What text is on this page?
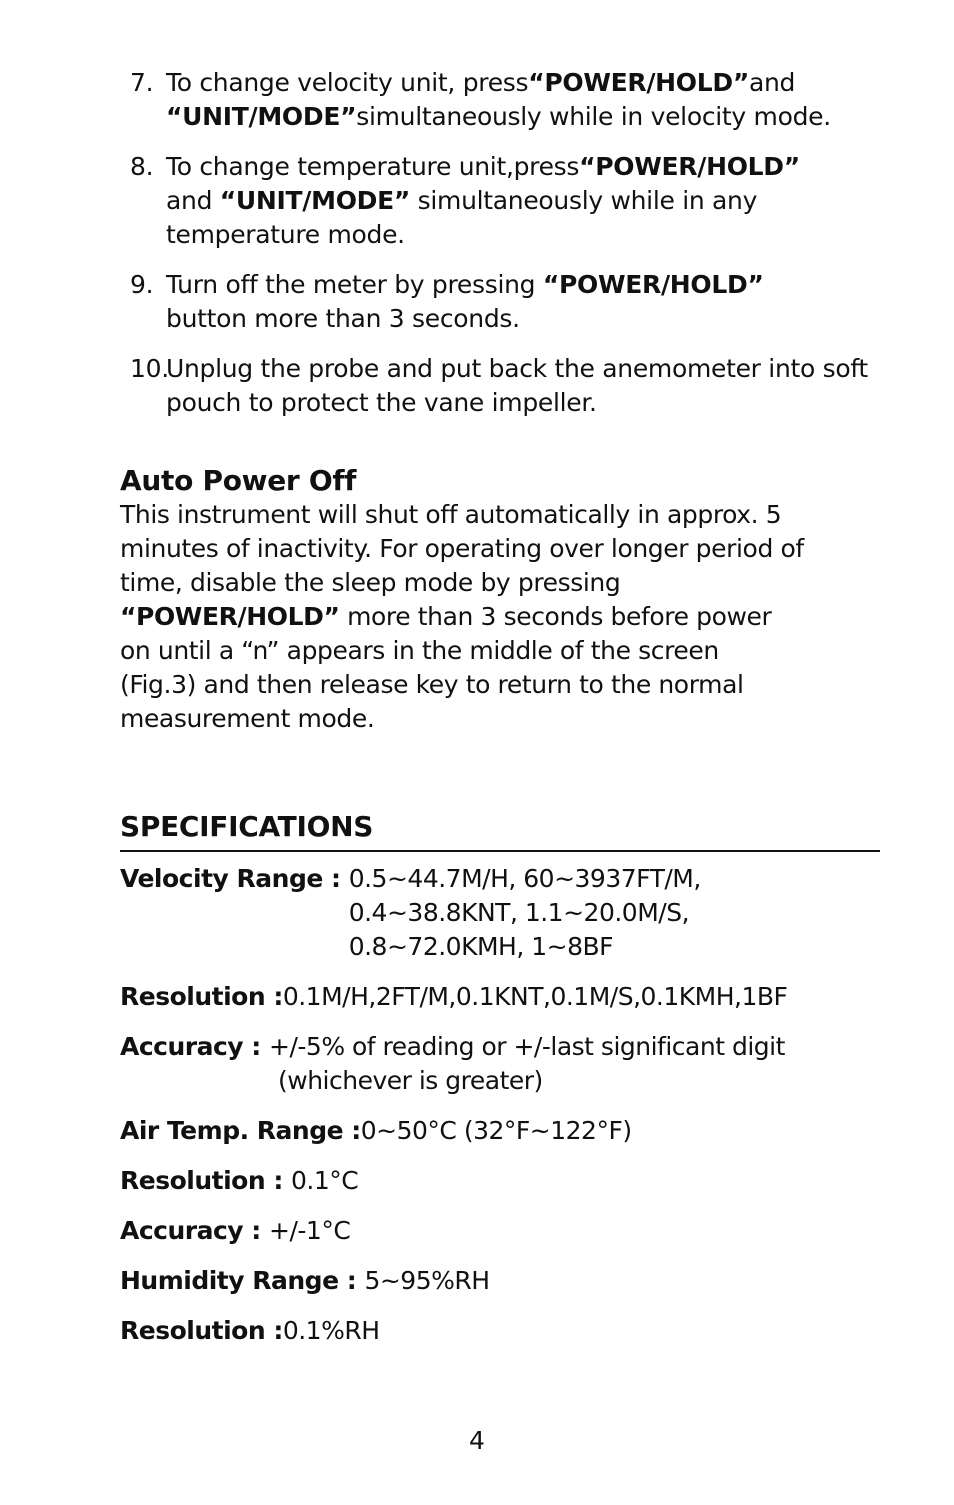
7. To change velocity unit, press“POWER/HOLD”and
“UNIT/MODE”simultaneously while in velocity mode.
8. To change temperature unit,press“POWER/HOLD”
and “UNIT/MODE” simultaneously while in any temperature mode.
9. Turn off the meter by pressing “POWER/HOLD”
button more than 3 seconds.
10.
Unplug the probe and put back the anemometer into soft pouch to protect the vane impeller.
Auto Power Off

This instrument will shut off automatically in approx. 5
minutes of inactivity. For operating over longer period of
time, disable the sleep mode by pressing
“POWER/HOLD” more than 3 seconds before power
on until a “n” appears in the middle of the screen
(Fig.3) and then release key to return to the normal
measurement mode.

SPECIFICATIONS
Velocity Range : 0.5~44.7M/H, 60~3937FT/M,
0.4~38.8KNT, 1.1~20.0M/S,
0.8~72.0KMH, 1~8BF
Resolution :0.1M/H,2FT/M,0.1KNT,0.1M/S,0.1KMH,1BF
Accuracy : +/-5% of reading or +/-last significant digit
(whichever is greater)
Air Temp. Range :0~50°C (32°F~122°F)
Resolution : 0.1°C
Accuracy : +/-1°C
Humidity Range : 5~95%RH
Resolution :0.1%RH
4
